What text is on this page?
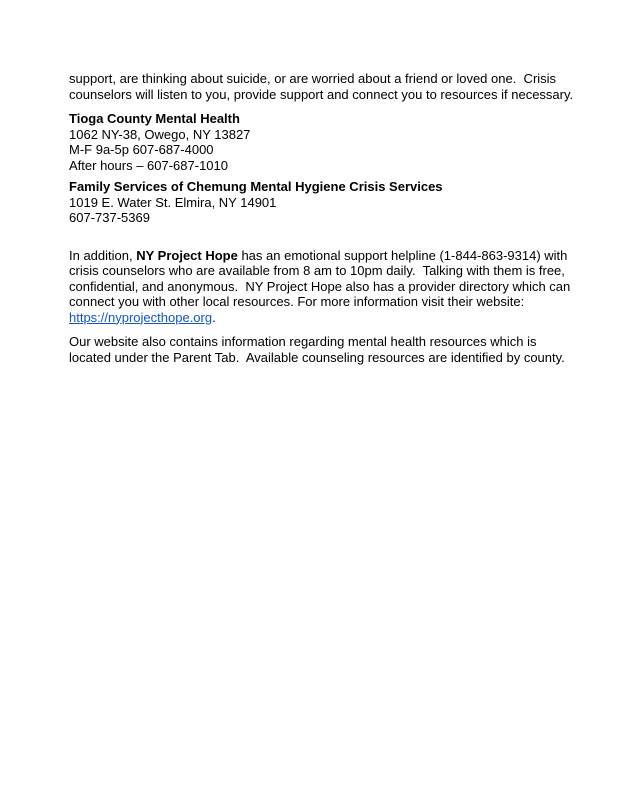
support, are thinking about suicide, or are worried about a friend or loved one.  Crisis counselors will listen to you, provide support and connect you to resources if necessary.

Tioga County Mental Health
1062 NY-38, Owego, NY 13827
M-F 9a-5p 607-687-4000
After hours – 607-687-1010
Family Services of Chemung Mental Hygiene Crisis Services
1019 E. Water St. Elmira, NY 14901
607-737-5369

In addition, NY Project Hope has an emotional support helpline (1-844-863-9314) with crisis counselors who are available from 8 am to 10pm daily.  Talking with them is free, confidential, and anonymous.  NY Project Hope also has a provider directory which can connect you with other local resources. For more information visit their website: https://nyprojecthope.org.

Our website also contains information regarding mental health resources which is located under the Parent Tab.  Available counseling resources are identified by county.
